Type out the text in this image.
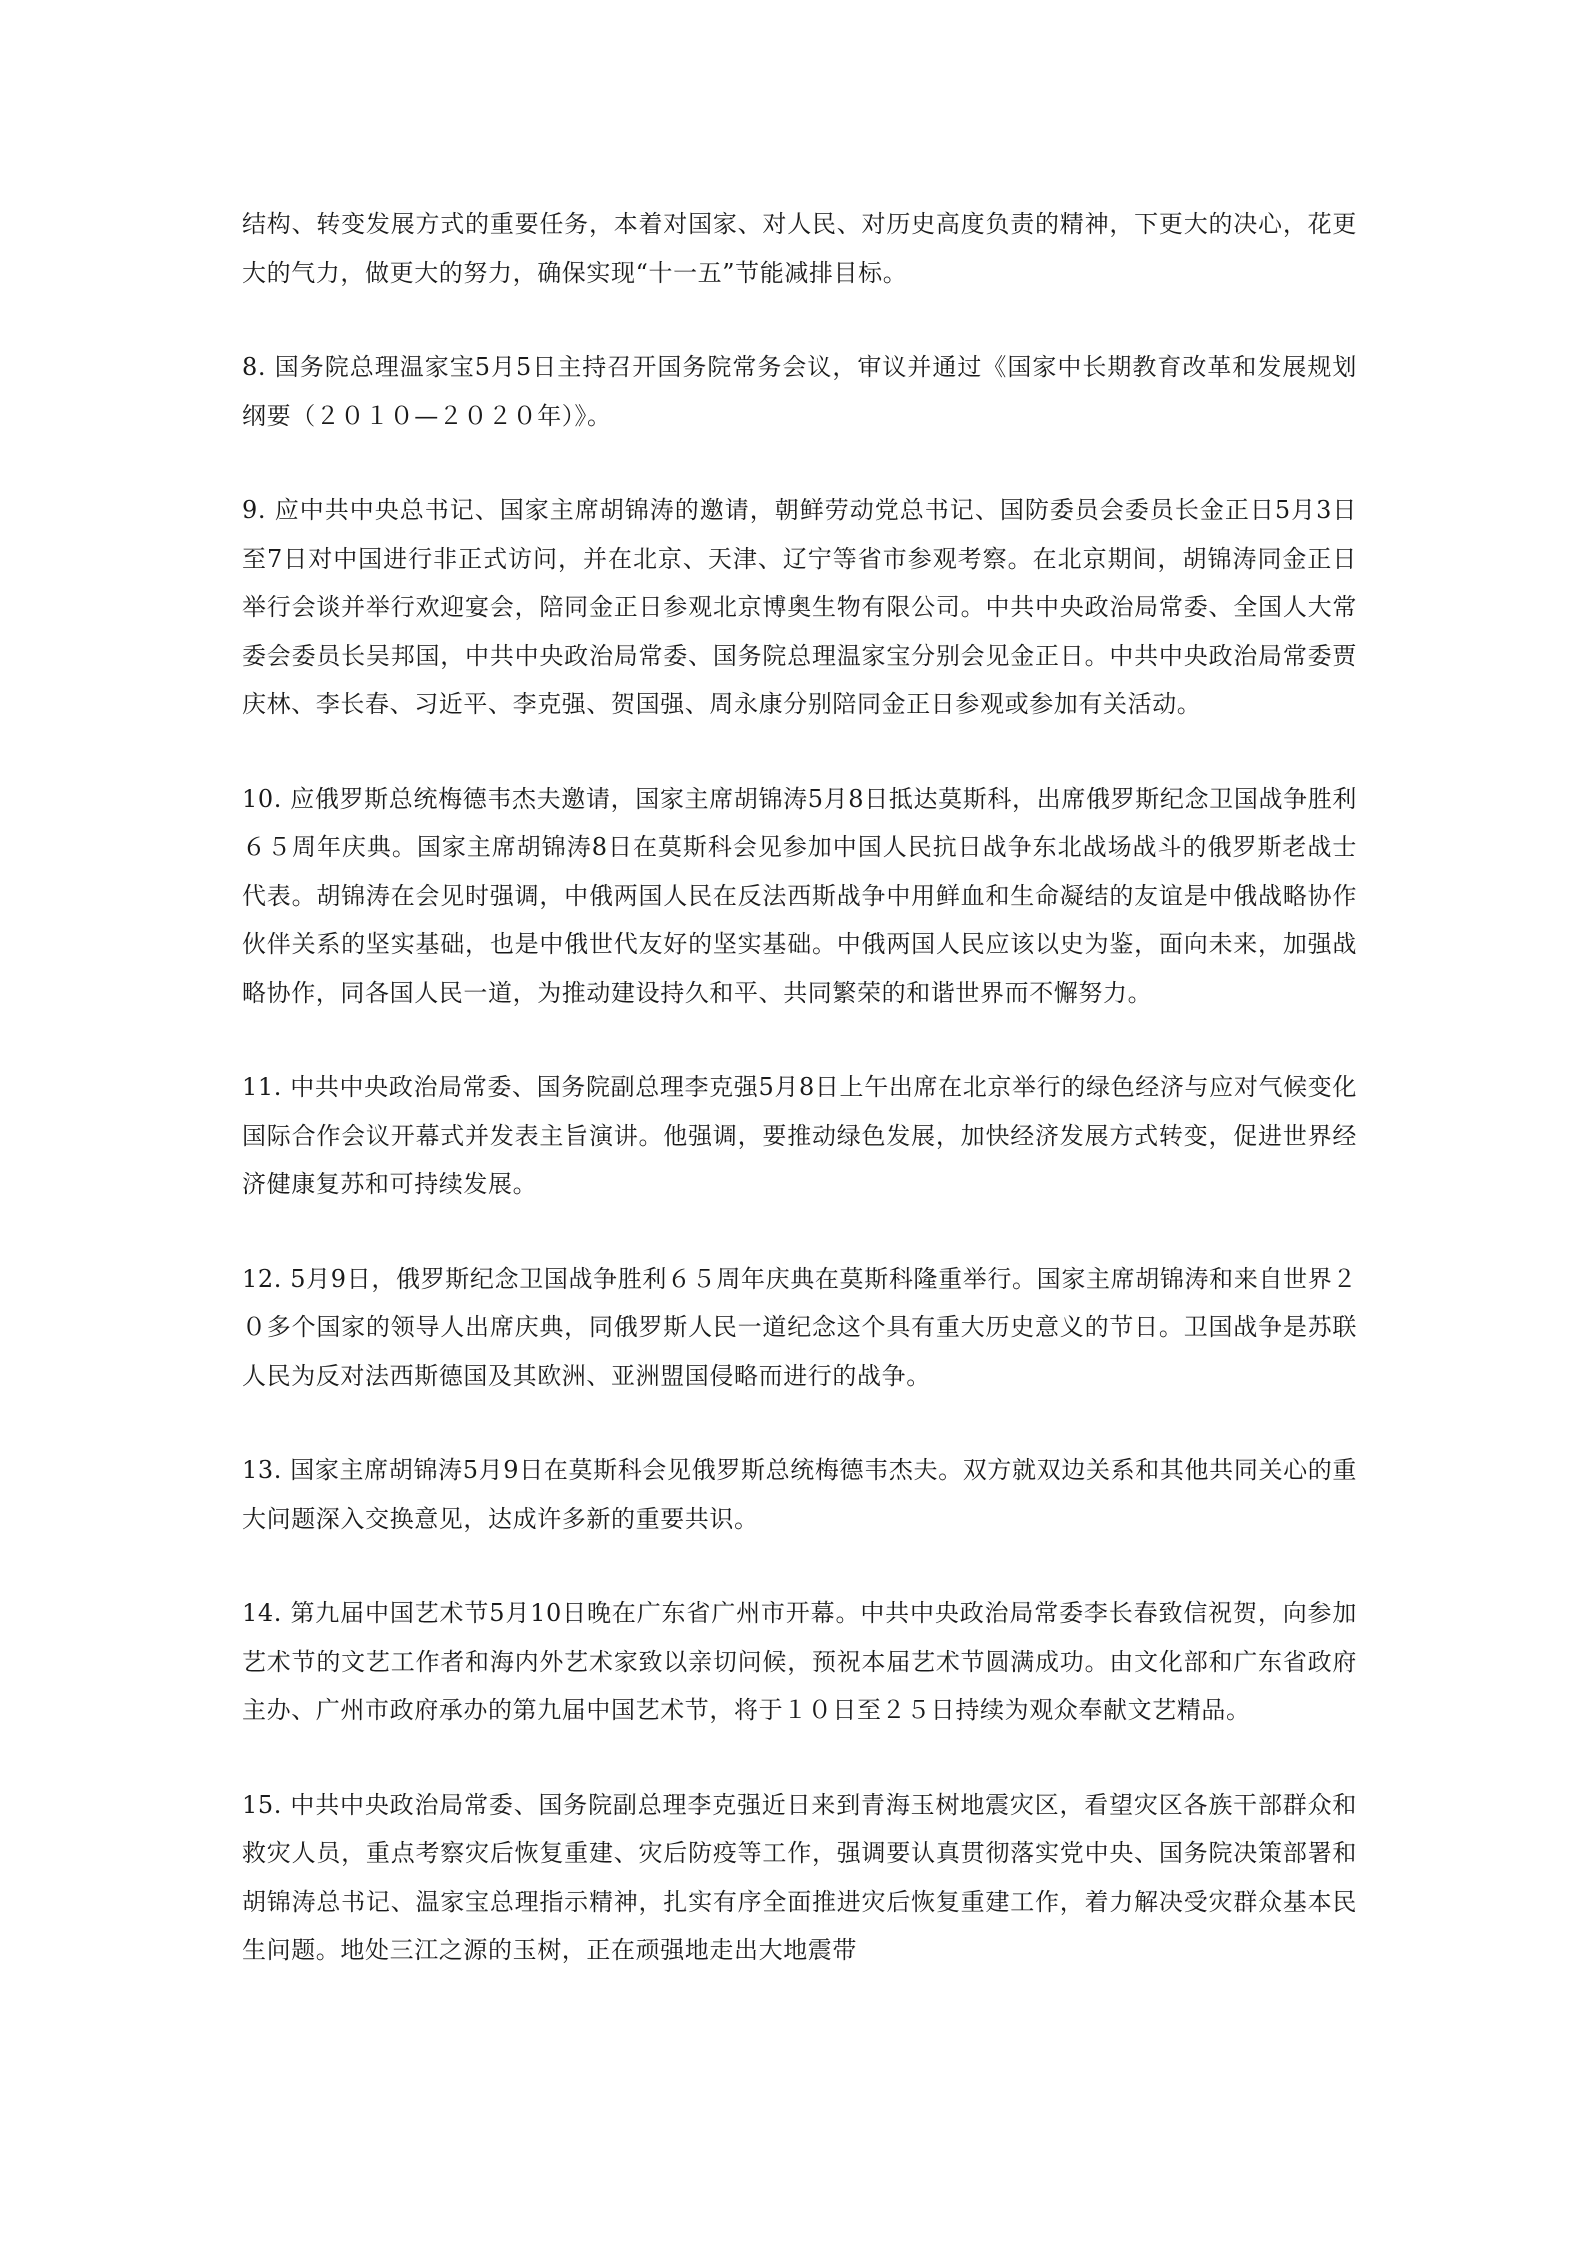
结构、转变发展方式的重要任务，本着对国家、对人民、对历史高度负责的精神，下更大的决心，花更大的气力，做更大的努力，确保实现“十一五”节能减排目标。

8. 国务院总理温家宝5月5日主持召开国务院常务会议，审议并通过《国家中长期教育改革和发展规划纲要（２０１０—２０２０年）》。

9. 应中共中央总书记、国家主席胡锦涛的邀请，朝鲜劳动党总书记、国防委员会委员长金正日5月3日至7日对中国进行非正式访问，并在北京、天津、辽宁等省市参观考察。在北京期间，胡锦涛同金正日举行会谈并举行欢迎宴会，陪同金正日参观北京博奥生物有限公司。中共中央政治局常委、全国人大常委会委员长吴邦国，中共中央政治局常委、国务院总理温家宝分别会见金正日。中共中央政治局常委贾庆林、李长春、习近平、李克强、贺国强、周永康分别陪同金正日参观或参加有关活动。

10. 应俄罗斯总统梅德韦杰夫邀请，国家主席胡锦涛5月8日抵达莫斯科，出席俄罗斯纪念卫国战争胜利６５周年庆典。国家主席胡锦涛8日在莫斯科会见参加中国人民抗日战争东北战场战斗的俄罗斯老战士代表。胡锦涛在会见时强调，中俄两国人民在反法西斯战争中用鲜血和生命凝结的友谊是中俄战略协作伙伴关系的坚实基础，也是中俄世代友好的坚实基础。中俄两国人民应该以史为鉴，面向未来，加强战略协作，同各国人民一道，为推动建设持久和平、共同繁荣的和谐世界而不懈努力。

11. 中共中央政治局常委、国务院副总理李克强5月8日上午出席在北京举行的绿色经济与应对气候变化国际合作会议开幕式并发表主旨演讲。他强调，要推动绿色发展，加快经济发展方式转变，促进世界经济健康复苏和可持续发展。

12. 5月9日，俄罗斯纪念卫国战争胜利６５周年庆典在莫斯科隆重举行。国家主席胡锦涛和来自世界２０多个国家的领导人出席庆典，同俄罗斯人民一道纪念这个具有重大历史意义的节日。卫国战争是苏联人民为反对法西斯德国及其欧洲、亚洲盟国侵略而进行的战争。

13. 国家主席胡锦涛5月9日在莫斯科会见俄罗斯总统梅德韦杰夫。双方就双边关系和其他共同关心的重大问题深入交换意见，达成许多新的重要共识。

14. 第九届中国艺术节5月10日晚在广东省广州市开幕。中共中央政治局常委李长春致信祝贺，向参加艺术节的文艺工作者和海内外艺术家致以亲切问候，预祝本届艺术节圆满成功。由文化部和广东省政府主办、广州市政府承办的第九届中国艺术节，将于１０日至２５日持续为观众奉献文艺精品。

15. 中共中央政治局常委、国务院副总理李克强近日来到青海玉树地震灾区，看望灾区各族干部群众和救灾人员，重点考察灾后恢复重建、灾后防疫等工作，强调要认真贯彻落实党中央、国务院决策部署和胡锦涛总书记、温家宝总理指示精神，扎实有序全面推进灾后恢复重建工作，着力解决受灾群众基本民生问题。地处三江之源的玉树，正在顽强地走出大地震带
